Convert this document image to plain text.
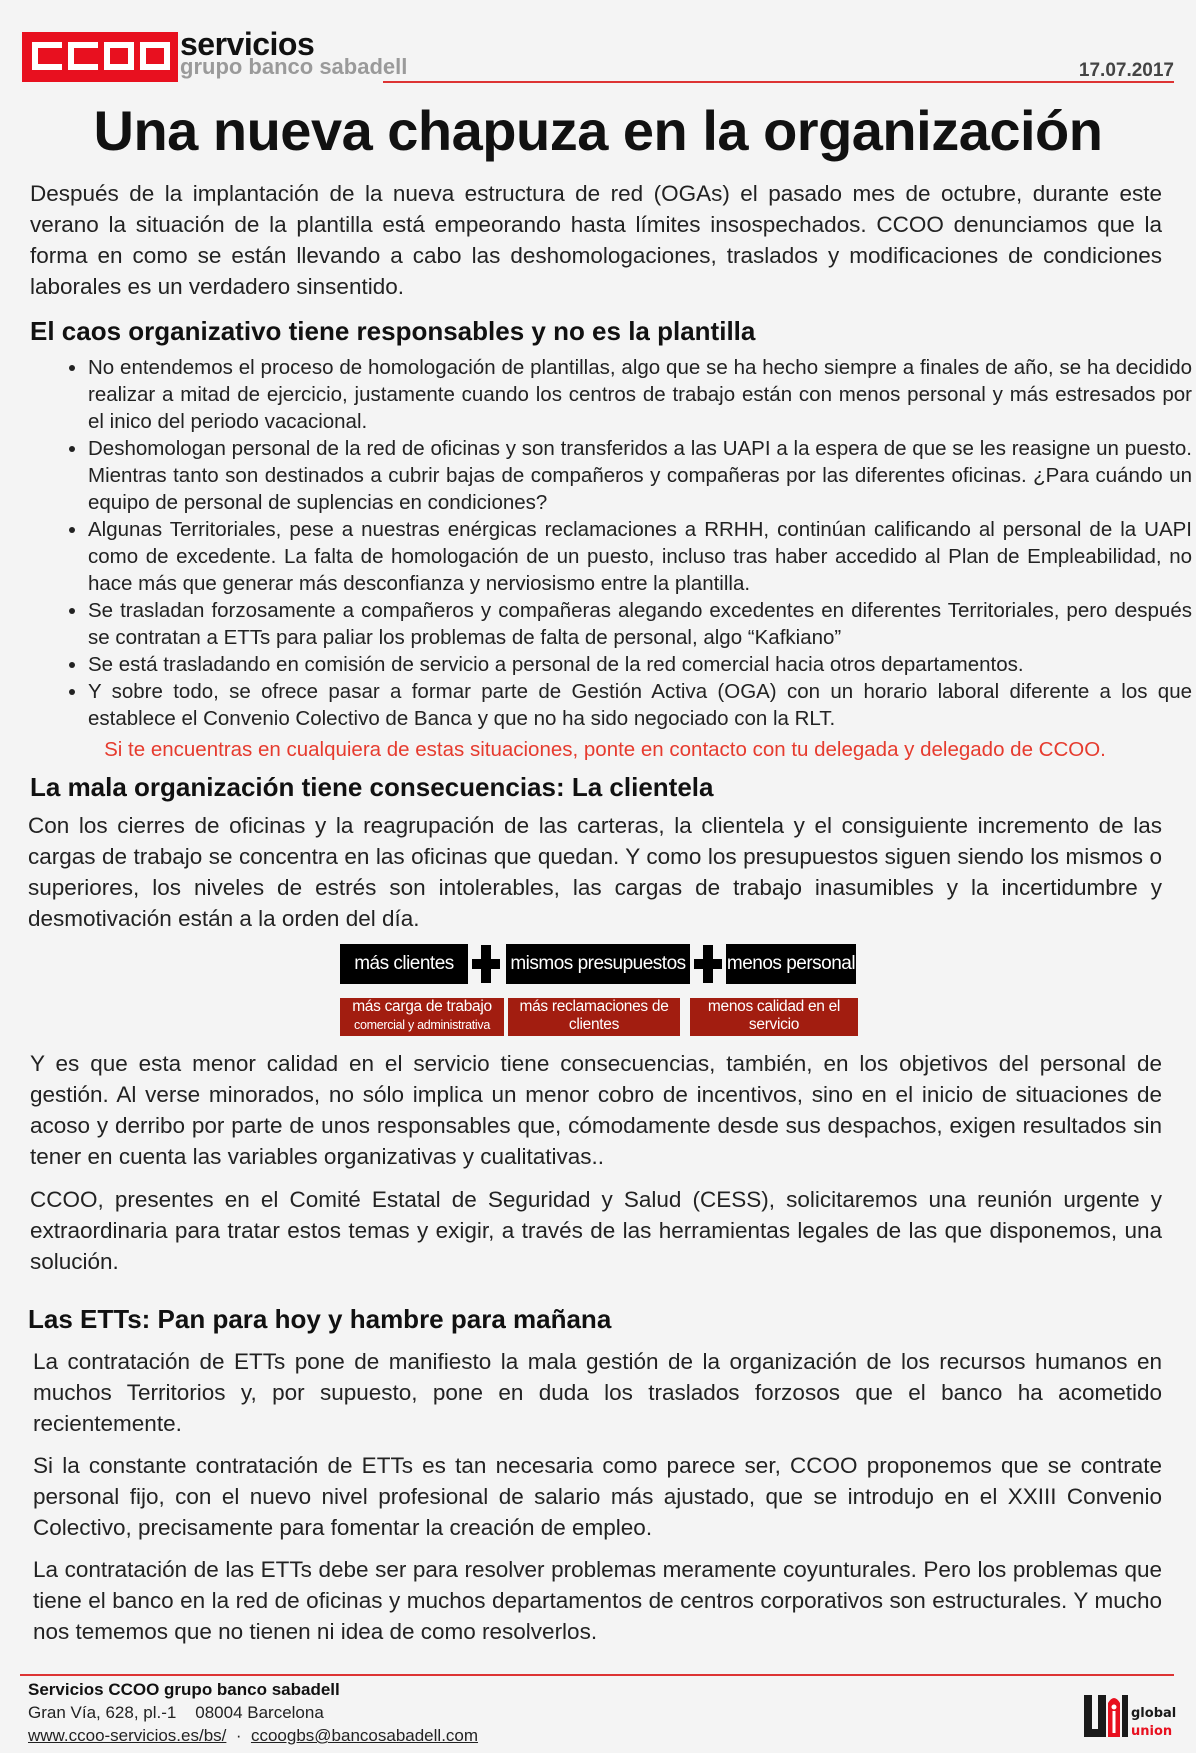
servicios
grupo banco sabadell	17.07.2017
Una nueva chapuza en la organización
Después de la implantación de la nueva estructura de red (OGAs) el pasado mes de octubre, durante este verano la situación de la plantilla está empeorando hasta límites insospechados. CCOO denunciamos que la forma en como se están llevando a cabo las deshomologaciones, traslados y modificaciones de condiciones laborales es un verdadero sinsentido.
El caos organizativo tiene responsables y no es la plantilla
• No entendemos el proceso de homologación de plantillas, algo que se ha hecho siempre a finales de año, se ha decidido realizar a mitad de ejercicio, justamente cuando los centros de trabajo están con menos personal y más estresados por el inico del periodo vacacional.
• Deshomologan personal de la red de oficinas y son transferidos a las UAPI a la espera de que se les reasigne un puesto. Mientras tanto son destinados a cubrir bajas de compañeros y compañeras por las diferentes oficinas. ¿Para cuándo un equipo de personal de suplencias en condiciones?
• Algunas Territoriales, pese a nuestras enérgicas reclamaciones a RRHH, continúan calificando al personal de la UAPI como de excedente. La falta de homologación de un puesto, incluso tras haber accedido al Plan de Empleabilidad, no hace más que generar más desconfianza y nerviosismo entre la plantilla.
• Se trasladan forzosamente a compañeros y compañeras alegando excedentes en diferentes Territoriales, pero después se contratan a ETTs para paliar los problemas de falta de personal, algo “Kafkiano”
• Se está trasladando en comisión de servicio a personal de la red comercial hacia otros departamentos.
• Y sobre todo, se ofrece pasar a formar parte de Gestión Activa (OGA) con un horario laboral diferente a los que establece el Convenio Colectivo de Banca y que no ha sido negociado con la RLT.
Si te encuentras en cualquiera de estas situaciones, ponte en contacto con tu delegada y delegado de CCOO.
La mala organización tiene consecuencias: La clientela
Con los cierres de oficinas y la reagrupación de las carteras, la clientela y el consiguiente incremento de las cargas de trabajo se concentra en las oficinas que quedan. Y como los presupuestos siguen siendo los mismos o superiores, los niveles de estrés son intolerables, las cargas de trabajo inasumibles y la incertidumbre y desmotivación están a la orden del día.
más clientes	mismos presupuestos menos personal
más carga de trabajo
comercial y administrativa
más reclamaciones de
clientes
menos calidad en el
servicio
Y es que esta menor calidad en el servicio tiene consecuencias, también, en los objetivos del personal de gestión. Al verse minorados, no sólo implica un menor cobro de incentivos, sino en el inicio de situaciones de acoso y derribo por parte de unos responsables que, cómodamente desde sus despachos, exigen resultados sin tener en cuenta las variables organizativas y cualitativas..
CCOO, presentes en el Comité Estatal de Seguridad y Salud (CESS), solicitaremos una reunión urgente y extraordinaria para tratar estos temas y exigir, a través de las herramientas legales de las que disponemos, una solución.
Las ETTs: Pan para hoy y hambre para mañana
La contratación de ETTs pone de manifiesto la mala gestión de la organización de los recursos humanos en muchos Territorios y, por supuesto, pone en duda los traslados forzosos que el banco ha acometido recientemente.
Si la constante contratación de ETTs es tan necesaria como parece ser, CCOO proponemos que se contrate personal fijo, con el nuevo nivel profesional de salario más ajustado, que se introdujo en el XXIII Convenio Colectivo, precisamente para fomentar la creación de empleo.
La contratación de las ETTs debe ser para resolver problemas meramente coyunturales. Pero los problemas que tiene el banco en la red de oficinas y muchos departamentos de centros corporativos son estructurales. Y mucho nos tememos que no tienen ni idea de como resolverlos.
Servicios CCOO grupo banco sabadell
Gran Vía, 628, pl.-1    08004 Barcelona
www.ccoo-servicios.es/bs/ · ccoogbs@bancosabadell.com
global
union
